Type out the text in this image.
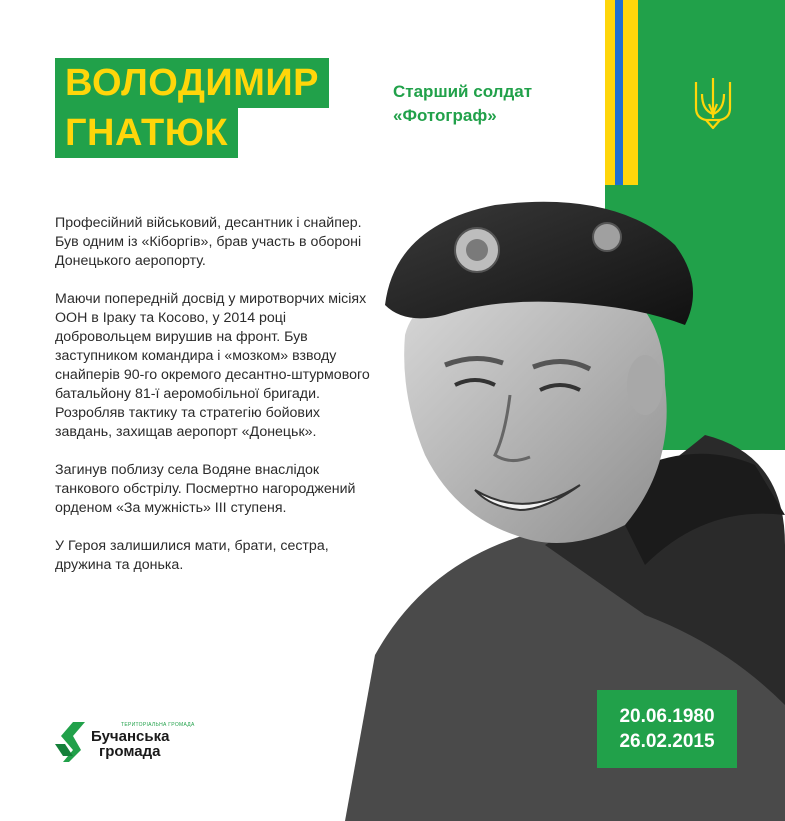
ВОЛОДИМИР
ГНАТЮК
Старший солдат
«Фотограф»

Професійний військовий, десантник і снайпер. Був одним із «Кіборгів», брав участь в обороні Донецького аеропорту.

Маючи попередній досвід у миротворчих місіях ООН в Іраку та Косово, у 2014 році добровольцем вирушив на фронт. Був заступником командира і «мозком» взводу снайперів 90-го окремого десантно-штурмового батальйону 81-ї аеромобільної бригади. Розробляв тактику та стратегію бойових завдань, захищав аеропорт «Донецьк».

Загинув поблизу села Водяне внаслідок танкового обстрілу. Посмертно нагороджений орденом «За мужність» ІІІ ступеня.

У Героя залишилися мати, брати, сестра, дружина та донька.

20.06.1980
26.02.2015
ТЕРИТОРІАЛЬНА ГРОМАДА
Бучанська
громада
